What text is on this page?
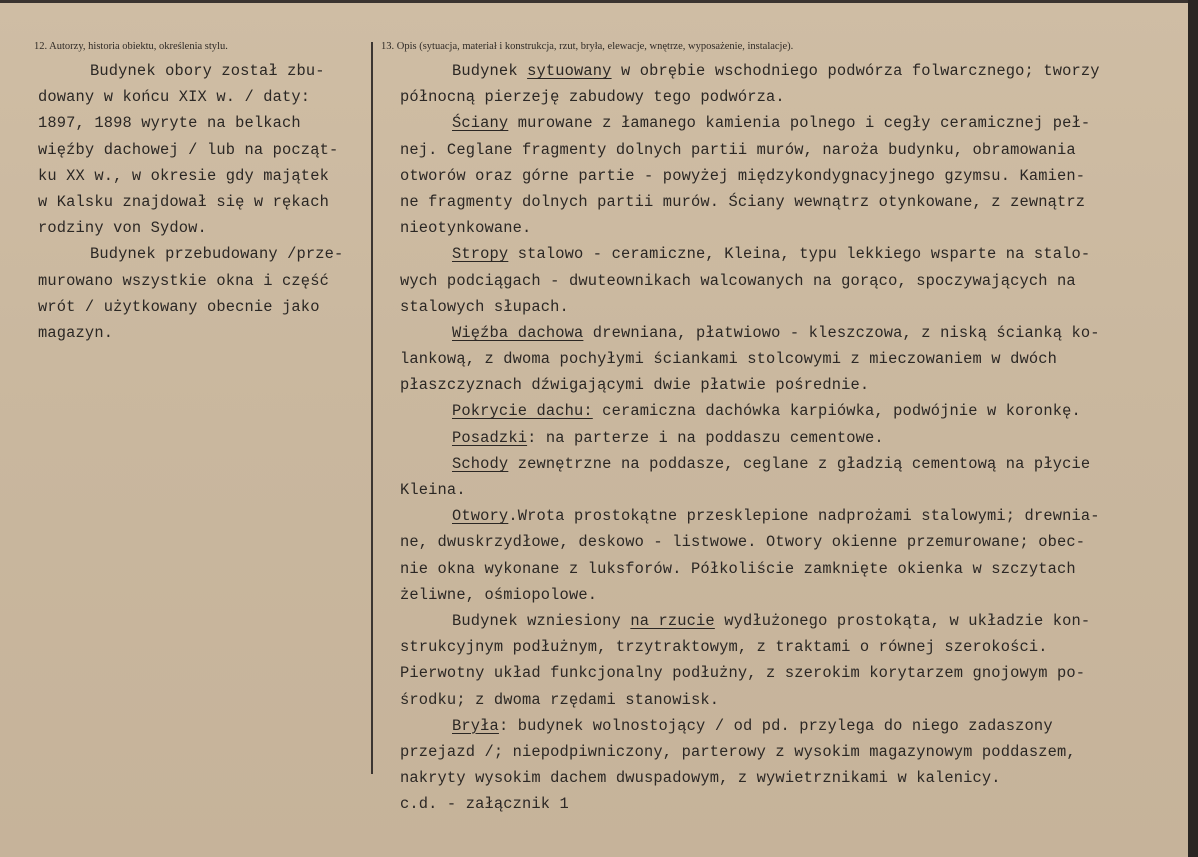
12. Autorzy, historia obiektu, określenia stylu.	13. Opis (sytuacja, materiał i konstrukcja, rzut, bryła, elewacje, wnętrze, wyposażenie, instalacje).
Budynek obory został zbu-
dowany w końcu XIX w. / daty:
1897, 1898 wyryte na belkach
więźby dachowej / lub na począt-
ku XX w., w okresie gdy majątek
w Kalsku znajdował się w rękach
rodziny von Sydow.
Budynek przebudowany /prze-
murowano wszystkie okna i część
wrót / użytkowany obecnie jako
magazyn.
Budynek sytuowany w obrębie wschodniego podwórza folwarcznego; tworzy
północną pierzeję zabudowy tego podwórza.
Ściany murowane z łamanego kamienia polnego i cegły ceramicznej peł-
nej. Ceglane fragmenty dolnych partii murów, naroża budynku, obramowania
otworów oraz górne partie - powyżej międzykondygnacyjnego gzymsu. Kamien-
ne fragmenty dolnych partii murów. Ściany wewnątrz otynkowane, z zewnątrz
nieotynkowane.
Stropy stalowo - ceramiczne, Kleina, typu lekkiego wsparte na stalo-
wych podciągach - dwuteownikach walcowanych na gorąco, spoczywających na
stalowych słupach.
Więźba dachowa drewniana, płatwiowo - kleszczowa, z niską ścianką ko-
lankową, z dwoma pochyłymi ściankami stolcowymi z mieczowaniem w dwóch
płaszczyznach dźwigającymi dwie płatwie pośrednie.
Pokrycie dachu: ceramiczna dachówka karpiówka, podwójnie w koronkę.
Posadzki: na parterze i na poddaszu cementowe.
Schody zewnętrzne na poddasze, ceglane z gładzią cementową na płycie
Kleina.
Otwory.Wrota prostokątne przesklepione nadprożami stalowymi; drewnia-
ne, dwuskrzydłowe, deskowo - listwowe. Otwory okienne przemurowane; obec-
nie okna wykonane z luksforów. Półkoliście zamknięte okienka w szczytach
żeliwne, ośmiopolowe.
Budynek wzniesiony na rzucie wydłużonego prostokąta, w układzie kon-
strukcyjnym podłużnym, trzytraktowym, z traktami o równej szerokości.
Pierwotny układ funkcjonalny podłużny, z szerokim korytarzem gnojowym po-
środku; z dwoma rzędami stanowisk.
Bryła: budynek wolnostojący / od pd. przylega do niego zadaszony
przejazd /; niepodpiwniczony, parterowy z wysokim magazynowym poddaszem,
nakryty wysokim dachem dwuspadowym, z wywietrznikami w kalenicy.
c.d. - załącznik 1
